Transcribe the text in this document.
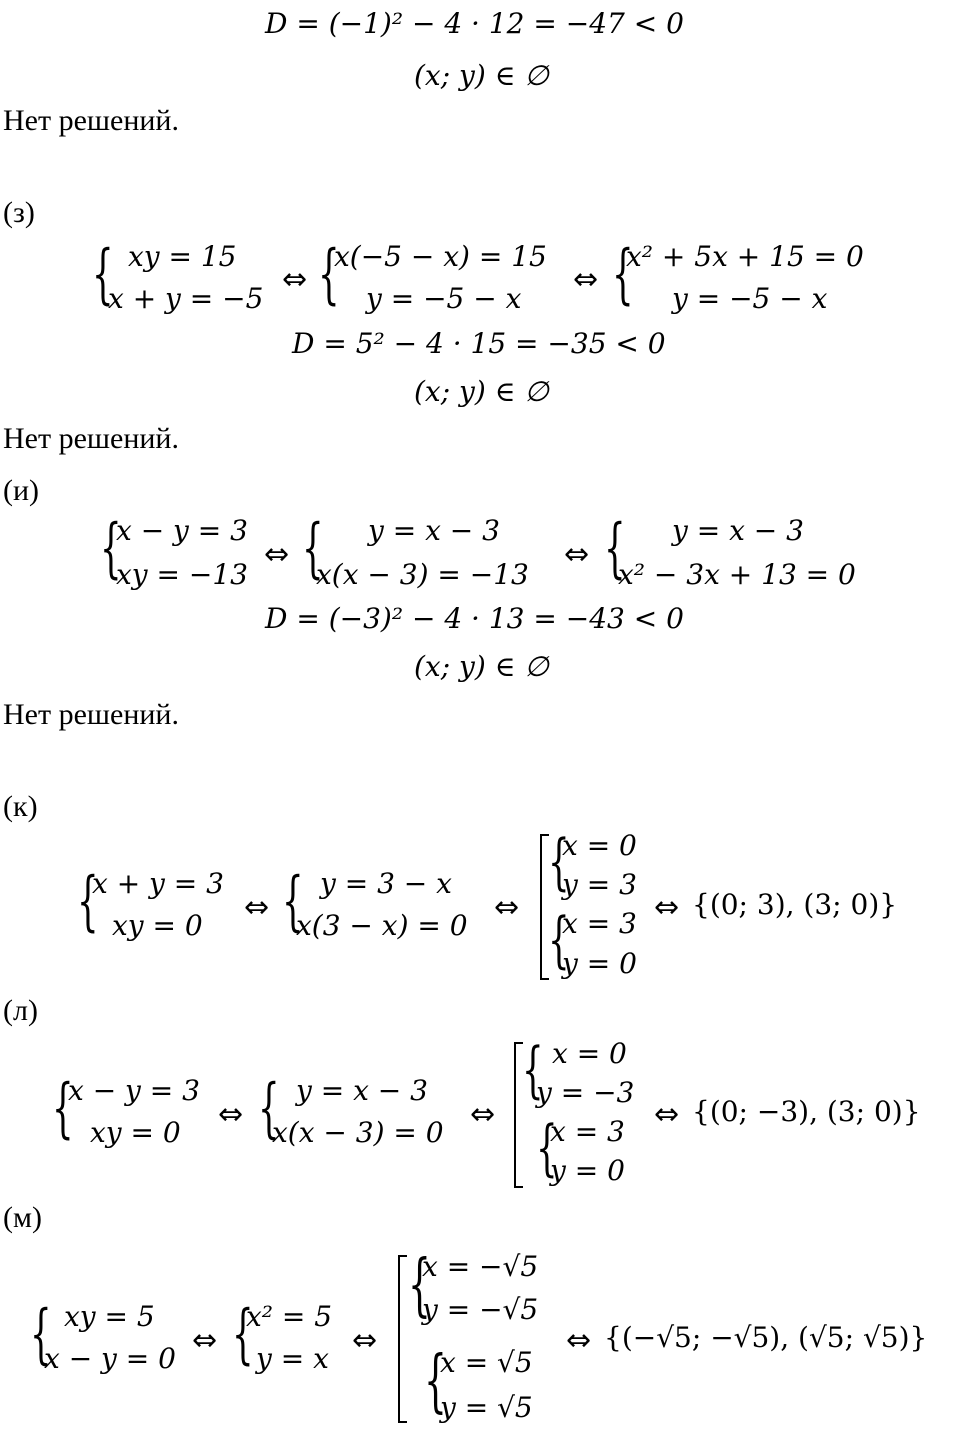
D = (−1)² − 4 · 12 = −47 < 0
(x; y) ∈ ∅
Нет решений.
(з)
{ xy = 15
x + y = −5
⇔ {
x(−5 − x) = 15
y = −5 − x
⇔ {
x² + 5x + 15 = 0
y = −5 − x
D = 5² − 4 · 15 = −35 < 0
(x; y) ∈ ∅
Нет решений.
(и)
{
x − y = 3
xy = −13
⇔ { y = x − 3
x(x − 3) = −13
⇔ { y = x − 3
x² − 3x + 13 = 0
D = (−3)² − 4 · 13 = −43 < 0
(x; y) ∈ ∅
Нет решений.
(к)
{
x + y = 3
xy = 0
⇔ { y = 3 − x
x(3 − x) = 0
⇔
{
x = 0
y = 3
{
x = 3
y = 0
⇔ {(0; 3), (3; 0)}
(л)
{
x − y = 3
xy = 0
⇔ { y = x − 3
x(x − 3) = 0
⇔
{ x = 0
y = −3
{
x = 3
y = 0
⇔ {(0; −3), (3; 0)}
(м)
{ xy = 5
x − y = 0
⇔ {
x² = 5
y = x
⇔
{
x = −√5
y = −√5
{
x = √5
y = √5
⇔ {(−√5; −√5), (√5; √5)}
